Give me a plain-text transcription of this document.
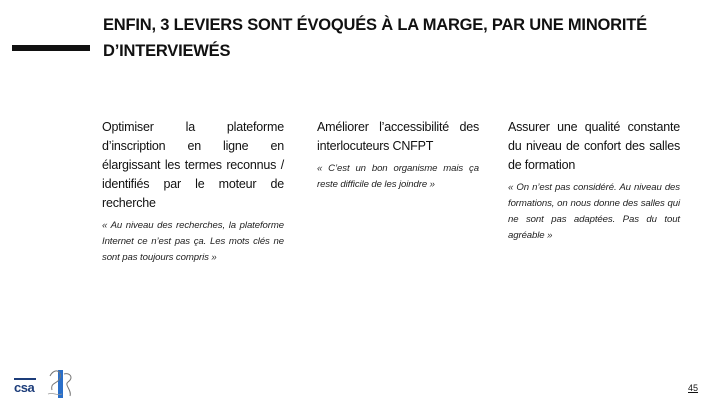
ENFIN, 3 LEVIERS SONT ÉVOQUÉS À LA MARGE, PAR UNE MINORITÉ D’INTERVIEWÉS

Optimiser la plateforme d’inscription en ligne en élargissant les termes reconnus / identifiés par le moteur de recherche

« Au niveau des recherches, la plateforme Internet ce n’est pas ça. Les mots clés ne sont pas toujours compris »

Améliorer l’accessibilité des interlocuteurs CNFPT

« C’est un bon organisme mais ça reste difficile de les joindre »

Assurer une qualité constante du niveau de confort des salles de formation

« On n’est pas considéré. Au niveau des formations, on nous donne des salles qui ne sont pas adaptées. Pas du tout agréable »

csa	45
